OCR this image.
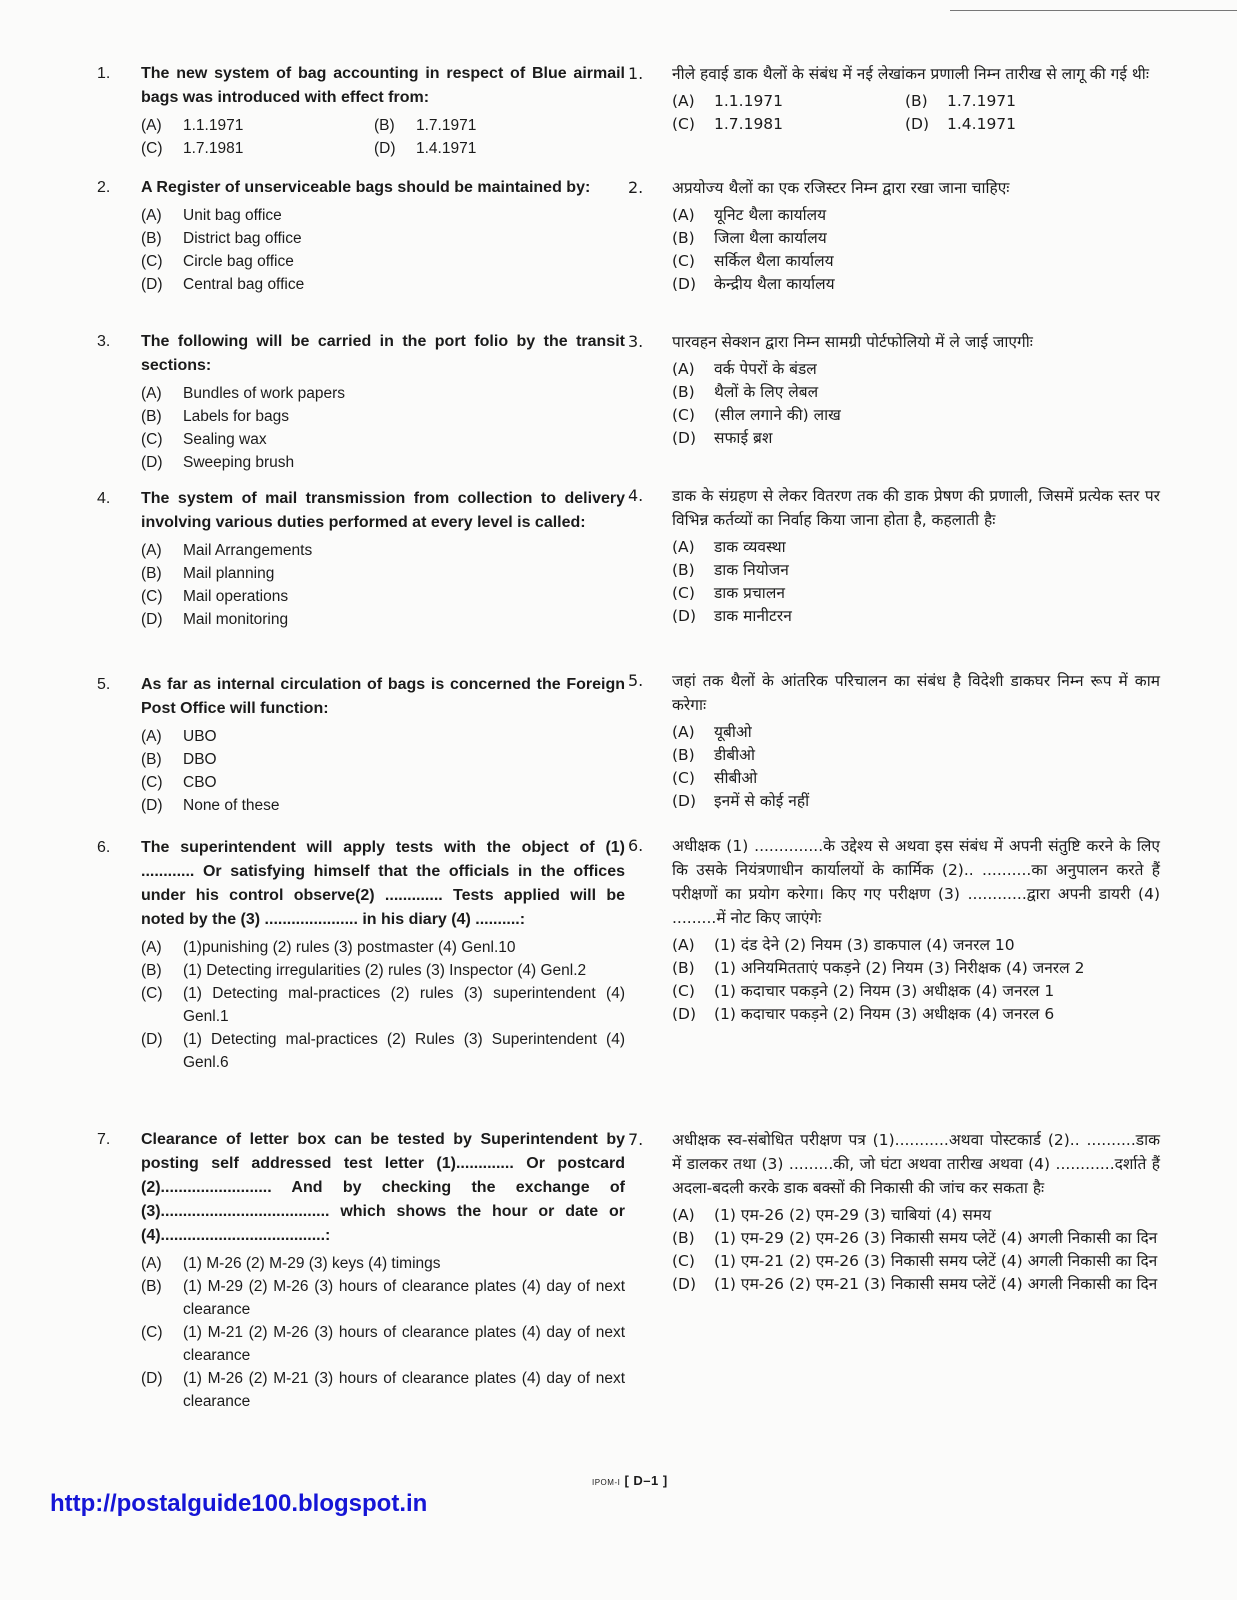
1.	The new system of bag accounting in respect of Blue airmail bags was introduced with effect from:
(A)	1.1.1971	(B)	1.7.1971
(C)	1.7.1981	(D)	1.4.1971
2.	A Register of unserviceable bags should be maintained by:
(A)	Unit bag office
(B)	District bag office
(C)	Circle bag office
(D)	Central bag office
3.	The following will be carried in the port folio by the transit sections:
(A)	Bundles of work papers
(B)	Labels for bags
(C)	Sealing wax
(D)	Sweeping brush
4.	The system of mail transmission from collection to delivery involving various duties performed at every level is called:
(A)	Mail Arrangements
(B)	Mail planning
(C)	Mail operations
(D)	Mail monitoring
5.	As far as internal circulation of bags is concerned the Foreign Post Office will function:
(A)	UBO
(B)	DBO
(C)	CBO
(D)	None of these
6.	The superintendent will apply tests with the object of (1) ............ Or satisfying himself that the officials in the offices under his control observe(2) ............. Tests applied will be noted by the (3) ..................... in his diary (4) ..........:
(A)	(1)punishing (2) rules (3) postmaster (4) Genl.10
(B)	(1) Detecting irregularities (2) rules (3) Inspector (4) Genl.2
(C)	(1) Detecting mal-practices (2) rules (3) superintendent (4) Genl.1
(D)	(1) Detecting mal-practices (2) Rules (3) Superintendent (4) Genl.6
7.	Clearance of letter box can be tested by Superintendent by posting self addressed test letter (1)............. Or postcard (2)......................... And by checking the exchange of (3)...................................... which shows the hour or date or (4).....................................:
(A)	(1) M-26 (2) M-29 (3) keys (4) timings
(B)	(1) M-29 (2) M-26 (3) hours of clearance plates (4) day of next clearance
(C)	(1) M-21 (2) M-26 (3) hours of clearance plates (4) day of next clearance
(D)	(1) M-26 (2) M-21 (3) hours of clearance plates (4) day of next clearance
1.	नीले हवाई डाक थैलों के संबंध में नई लेखांकन प्रणाली निम्न तारीख से लागू की गई थीः
(A)	1.1.1971	(B)	1.7.1971
(C)	1.7.1981	(D)	1.4.1971
2.	अप्रयोज्य थैलों का एक रजिस्टर निम्न द्वारा रखा जाना चाहिएः
(A)	यूनिट थैला कार्यालय
(B)	जिला थैला कार्यालय
(C)	सर्किल थैला कार्यालय
(D)	केन्द्रीय थैला कार्यालय
3.	पारवहन सेक्शन द्वारा निम्न सामग्री पोर्टफोलियो में ले जाई जाएगीः
(A)	वर्क पेपरों के बंडल
(B)	थैलों के लिए लेबल
(C)	(सील लगाने की) लाख
(D)	सफाई ब्रश
4.	डाक के संग्रहण से लेकर वितरण तक की डाक प्रेषण की प्रणाली, जिसमें प्रत्येक स्तर पर विभिन्न कर्तव्यों का निर्वाह किया जाना होता है, कहलाती हैः
(A)	डाक व्यवस्था
(B)	डाक नियोजन
(C)	डाक प्रचालन
(D)	डाक मानीटरन
5.	जहां तक थैलों के आंतरिक परिचालन का संबंध है विदेशी डाकघर निम्न रूप में काम करेगाः
(A)	यूबीओ
(B)	डीबीओ
(C)	सीबीओ
(D)	इनमें से कोई नहीं
6.	अधीक्षक (1) ..............के उद्देश्य से अथवा इस संबंध में अपनी संतुष्टि करने के लिए कि उसके नियंत्रणाधीन कार्यालयों के कार्मिक (2).. ..........का अनुपालन करते हैं परीक्षणों का प्रयोग करेगा। किए गए परीक्षण (3) ............द्वारा अपनी डायरी (4) .........में नोट किए जाएंगेः
(A)	(1) दंड देने (2) नियम (3) डाकपाल (4) जनरल 10
(B)	(1) अनियमितताएं पकड़ने (2) नियम (3) निरीक्षक (4) जनरल 2
(C)	(1) कदाचार पकड़ने (2) नियम (3) अधीक्षक (4) जनरल 1
(D)	(1) कदाचार पकड़ने (2) नियम (3) अधीक्षक (4) जनरल 6
7.	अधीक्षक स्व-संबोधित परीक्षण पत्र (1)...........अथवा पोस्टकार्ड (2).. ..........डाक में डालकर तथा (3) .........की, जो घंटा अथवा तारीख अथवा (4) ............दर्शाते हैं अदला-बदली करके डाक बक्सों की निकासी की जांच कर सकता हैः
(A)	(1) एम-26 (2) एम-29 (3) चाबियां (4) समय
(B)	(1) एम-29 (2) एम-26 (3) निकासी समय प्लेटें (4) अगली निकासी का दिन
(C)	(1) एम-21 (2) एम-26 (3) निकासी समय प्लेटें (4) अगली निकासी का दिन
(D)	(1) एम-26 (2) एम-21 (3) निकासी समय प्लेटें (4) अगली निकासी का दिन
IPOM-I [ D–1 ]
http://postalguide100.blogspot.in
